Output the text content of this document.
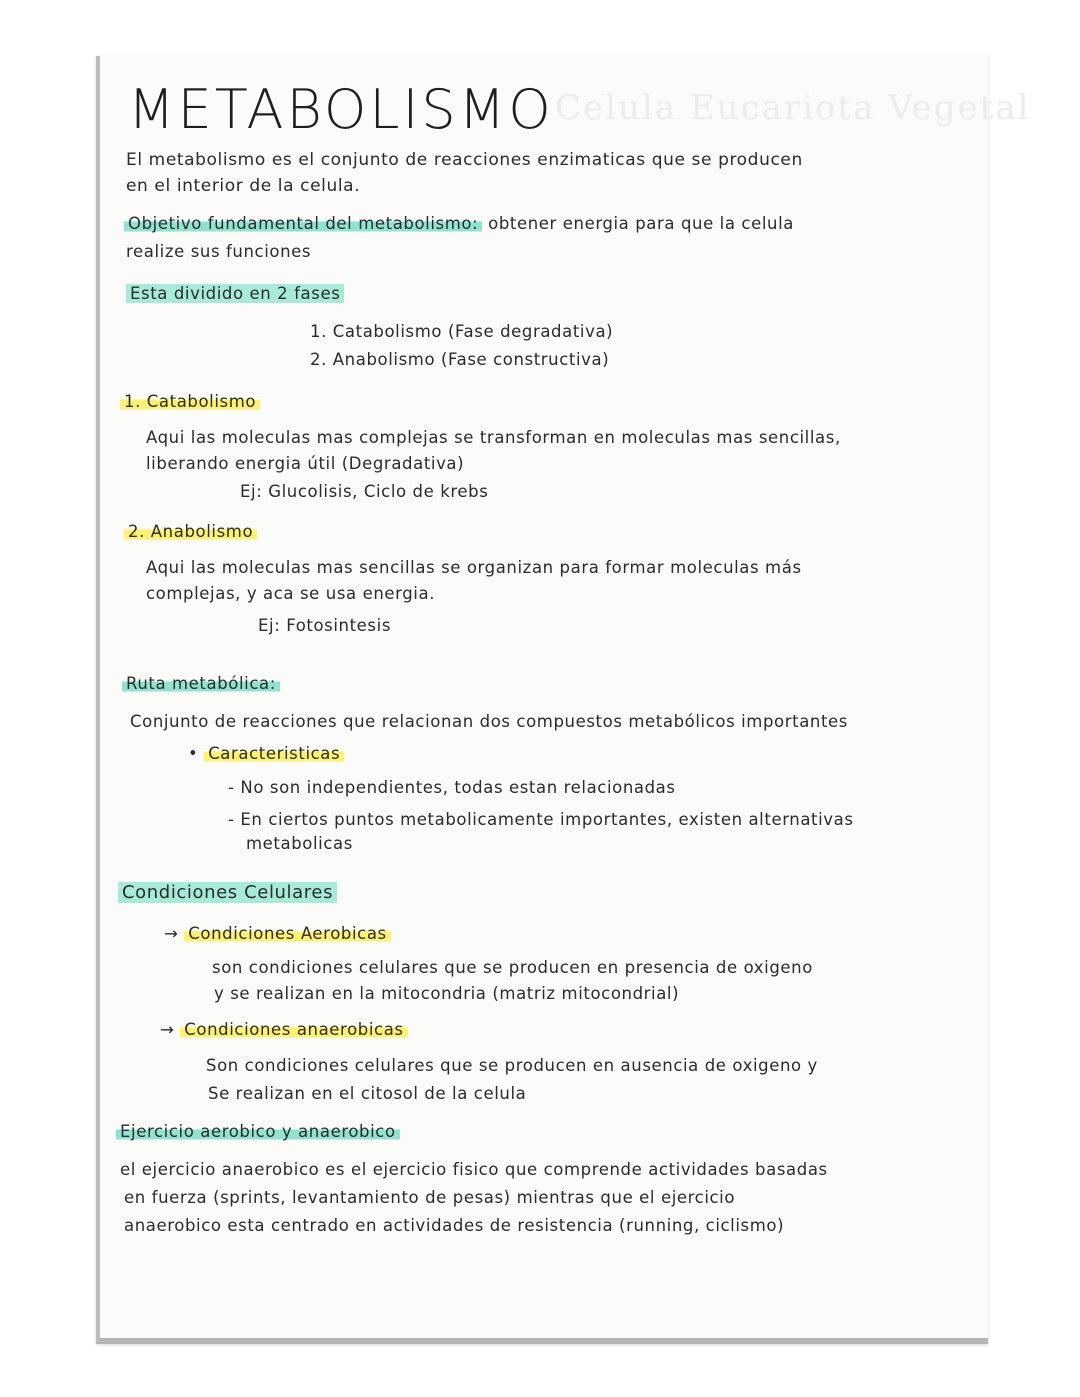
Celula Eucariota Vegetal
METABOLISMO
El metabolismo es el conjunto de reacciones enzimaticas que se producen
en el interior de la celula.
Objetivo fundamental del metabolismo: obtener energia para que la celula
realize sus funciones
Esta dividido en 2 fases
1. Catabolismo (Fase degradativa)
2. Anabolismo (Fase constructiva)
1. Catabolismo
Aqui las moleculas mas complejas se transforman en moleculas mas sencillas,
liberando energia útil (Degradativa)
Ej: Glucolisis, Ciclo de krebs
2. Anabolismo
Aqui las moleculas mas sencillas se organizan para formar moleculas más
complejas, y aca se usa energia.
Ej: Fotosintesis
Ruta metabólica:
Conjunto de reacciones que relacionan dos compuestos metabólicos importantes
• Caracteristicas
- No son independientes, todas estan relacionadas
- En ciertos puntos metabolicamente importantes, existen alternativas
metabolicas
Condiciones Celulares
→ Condiciones Aerobicas
son condiciones celulares que se producen en presencia de oxigeno
y se realizan en la mitocondria (matriz mitocondrial)
→ Condiciones anaerobicas
Son condiciones celulares que se producen en ausencia de oxigeno y
Se realizan en el citosol de la celula
Ejercicio aerobico y anaerobico
el ejercicio anaerobico es el ejercicio fisico que comprende actividades basadas
en fuerza (sprints, levantamiento de pesas) mientras que el ejercicio
anaerobico esta centrado en actividades de resistencia (running, ciclismo)
